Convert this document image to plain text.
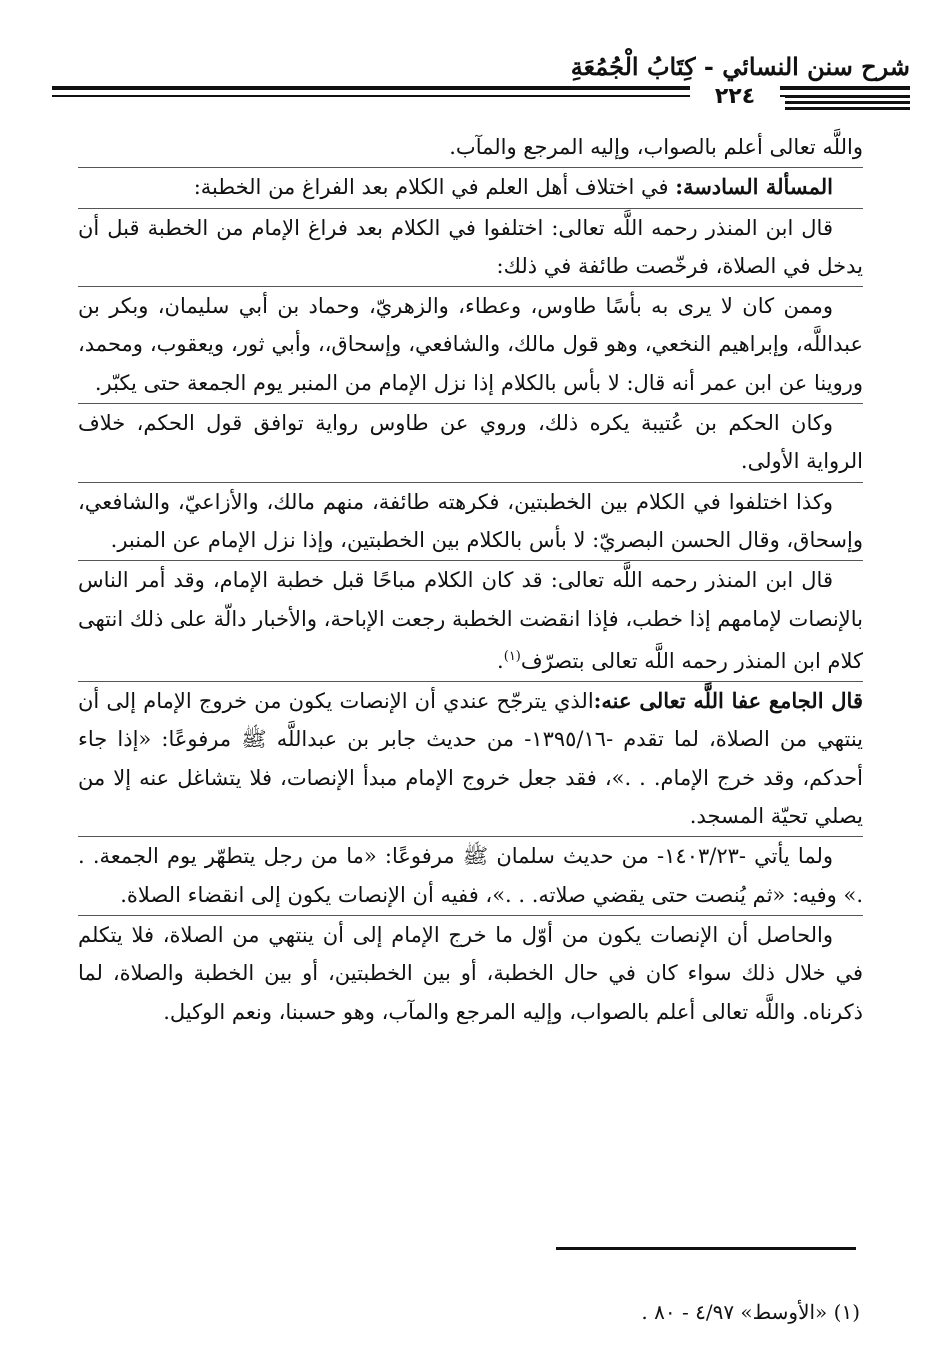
شرح سنن النسائي - كِتَابُ الْجُمُعَةِ
٢٢٤

واللَّه تعالى أعلم بالصواب، وإليه المرجع والمآب.

المسألة السادسة: في اختلاف أهل العلم في الكلام بعد الفراغ من الخطبة:

قال ابن المنذر رحمه اللَّه تعالى: اختلفوا في الكلام بعد فراغ الإمام من الخطبة قبل أن يدخل في الصلاة، فرخّصت طائفة في ذلك:

وممن كان لا يرى به بأسًا طاوس، وعطاء، والزهريّ، وحماد بن أبي سليمان، وبكر بن عبداللَّه، وإبراهيم النخعي، وهو قول مالك، والشافعي، وإسحاق،، وأبي ثور، ويعقوب، ومحمد، وروينا عن ابن عمر أنه قال: لا بأس بالكلام إذا نزل الإمام من المنبر يوم الجمعة حتى يكبّر.

وكان الحكم بن عُتيبة يكره ذلك، وروي عن طاوس رواية توافق قول الحكم، خلاف الرواية الأولى.

وكذا اختلفوا في الكلام بين الخطبتين، فكرهته طائفة، منهم مالك، والأزاعيّ، والشافعي، وإسحاق، وقال الحسن البصريّ: لا بأس بالكلام بين الخطبتين، وإذا نزل الإمام عن المنبر.

قال ابن المنذر رحمه اللَّه تعالى: قد كان الكلام مباحًا قبل خطبة الإمام، وقد أمر الناس بالإنصات لإمامهم إذا خطب، فإذا انقضت الخطبة رجعت الإباحة، والأخبار دالّة على ذلك انتهى كلام ابن المنذر رحمه اللَّه تعالى بتصرّف$^{(١)}$.

قال الجامع عفا اللَّه تعالى عنه:الذي يترجّح عندي أن الإنصات يكون من خروج الإمام إلى أن ينتهي من الصلاة، لما تقدم -١٣٩٥/١٦- من حديث جابر بن عبداللَّه ﷺ مرفوعًا: «إذا جاء أحدكم، وقد خرج الإمام. . .»، فقد جعل خروج الإمام مبدأ الإنصات، فلا يتشاغل عنه إلا من يصلي تحيّة المسجد.

ولما يأتي -١٤٠٣/٢٣- من حديث سلمان ﷺ مرفوعًا: «ما من رجل يتطهّر يوم الجمعة. . .» وفيه: «ثم يُنصت حتى يقضي صلاته. . .»، ففيه أن الإنصات يكون إلى انقضاء الصلاة.

والحاصل أن الإنصات يكون من أوّل ما خرج الإمام إلى أن ينتهي من الصلاة، فلا يتكلم في خلال ذلك سواء كان في حال الخطبة، أو بين الخطبتين، أو بين الخطبة والصلاة، لما ذكرناه. واللَّه تعالى أعلم بالصواب، وإليه المرجع والمآب، وهو حسبنا، ونعم الوكيل.

(١) «الأوسط» ٤/٩٧ - ٨٠ .
